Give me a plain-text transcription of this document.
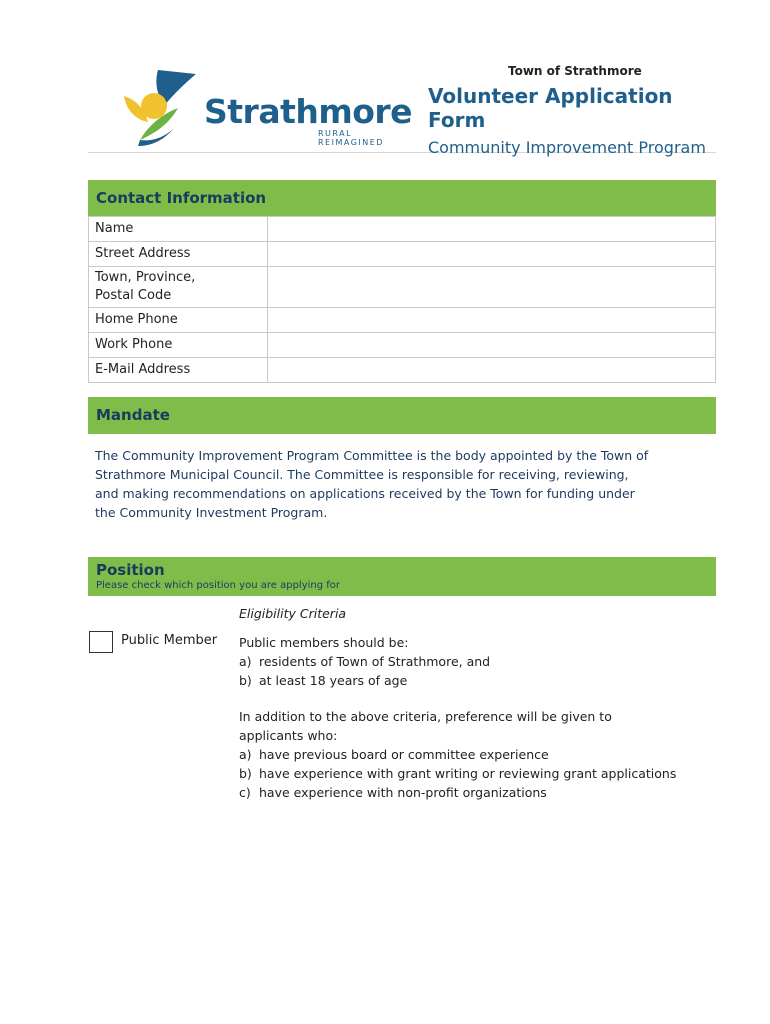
Strathmore
RURAL REIMAGINED
Town of Strathmore
Volunteer Application Form
Community Improvement Program
Contact Information
Name	
Street Address	
Town, Province,
Postal Code	
Home Phone	
Work Phone	
E-Mail Address	
Mandate
The Community Improvement Program Committee is the body appointed by the Town of Strathmore Municipal Council. The Committee is responsible for receiving, reviewing, and making recommendations on applications received by the Town for funding under the Community Investment Program.
Position
Please check which position you are applying for
Eligibility Criteria
Public Member Public members should be:
a) residents of Town of Strathmore, and
b) at least 18 years of age
In addition to the above criteria, preference will be given to applicants who:
a) have previous board or committee experience
b) have experience with grant writing or reviewing grant applications
c) have experience with non-profit organizations
